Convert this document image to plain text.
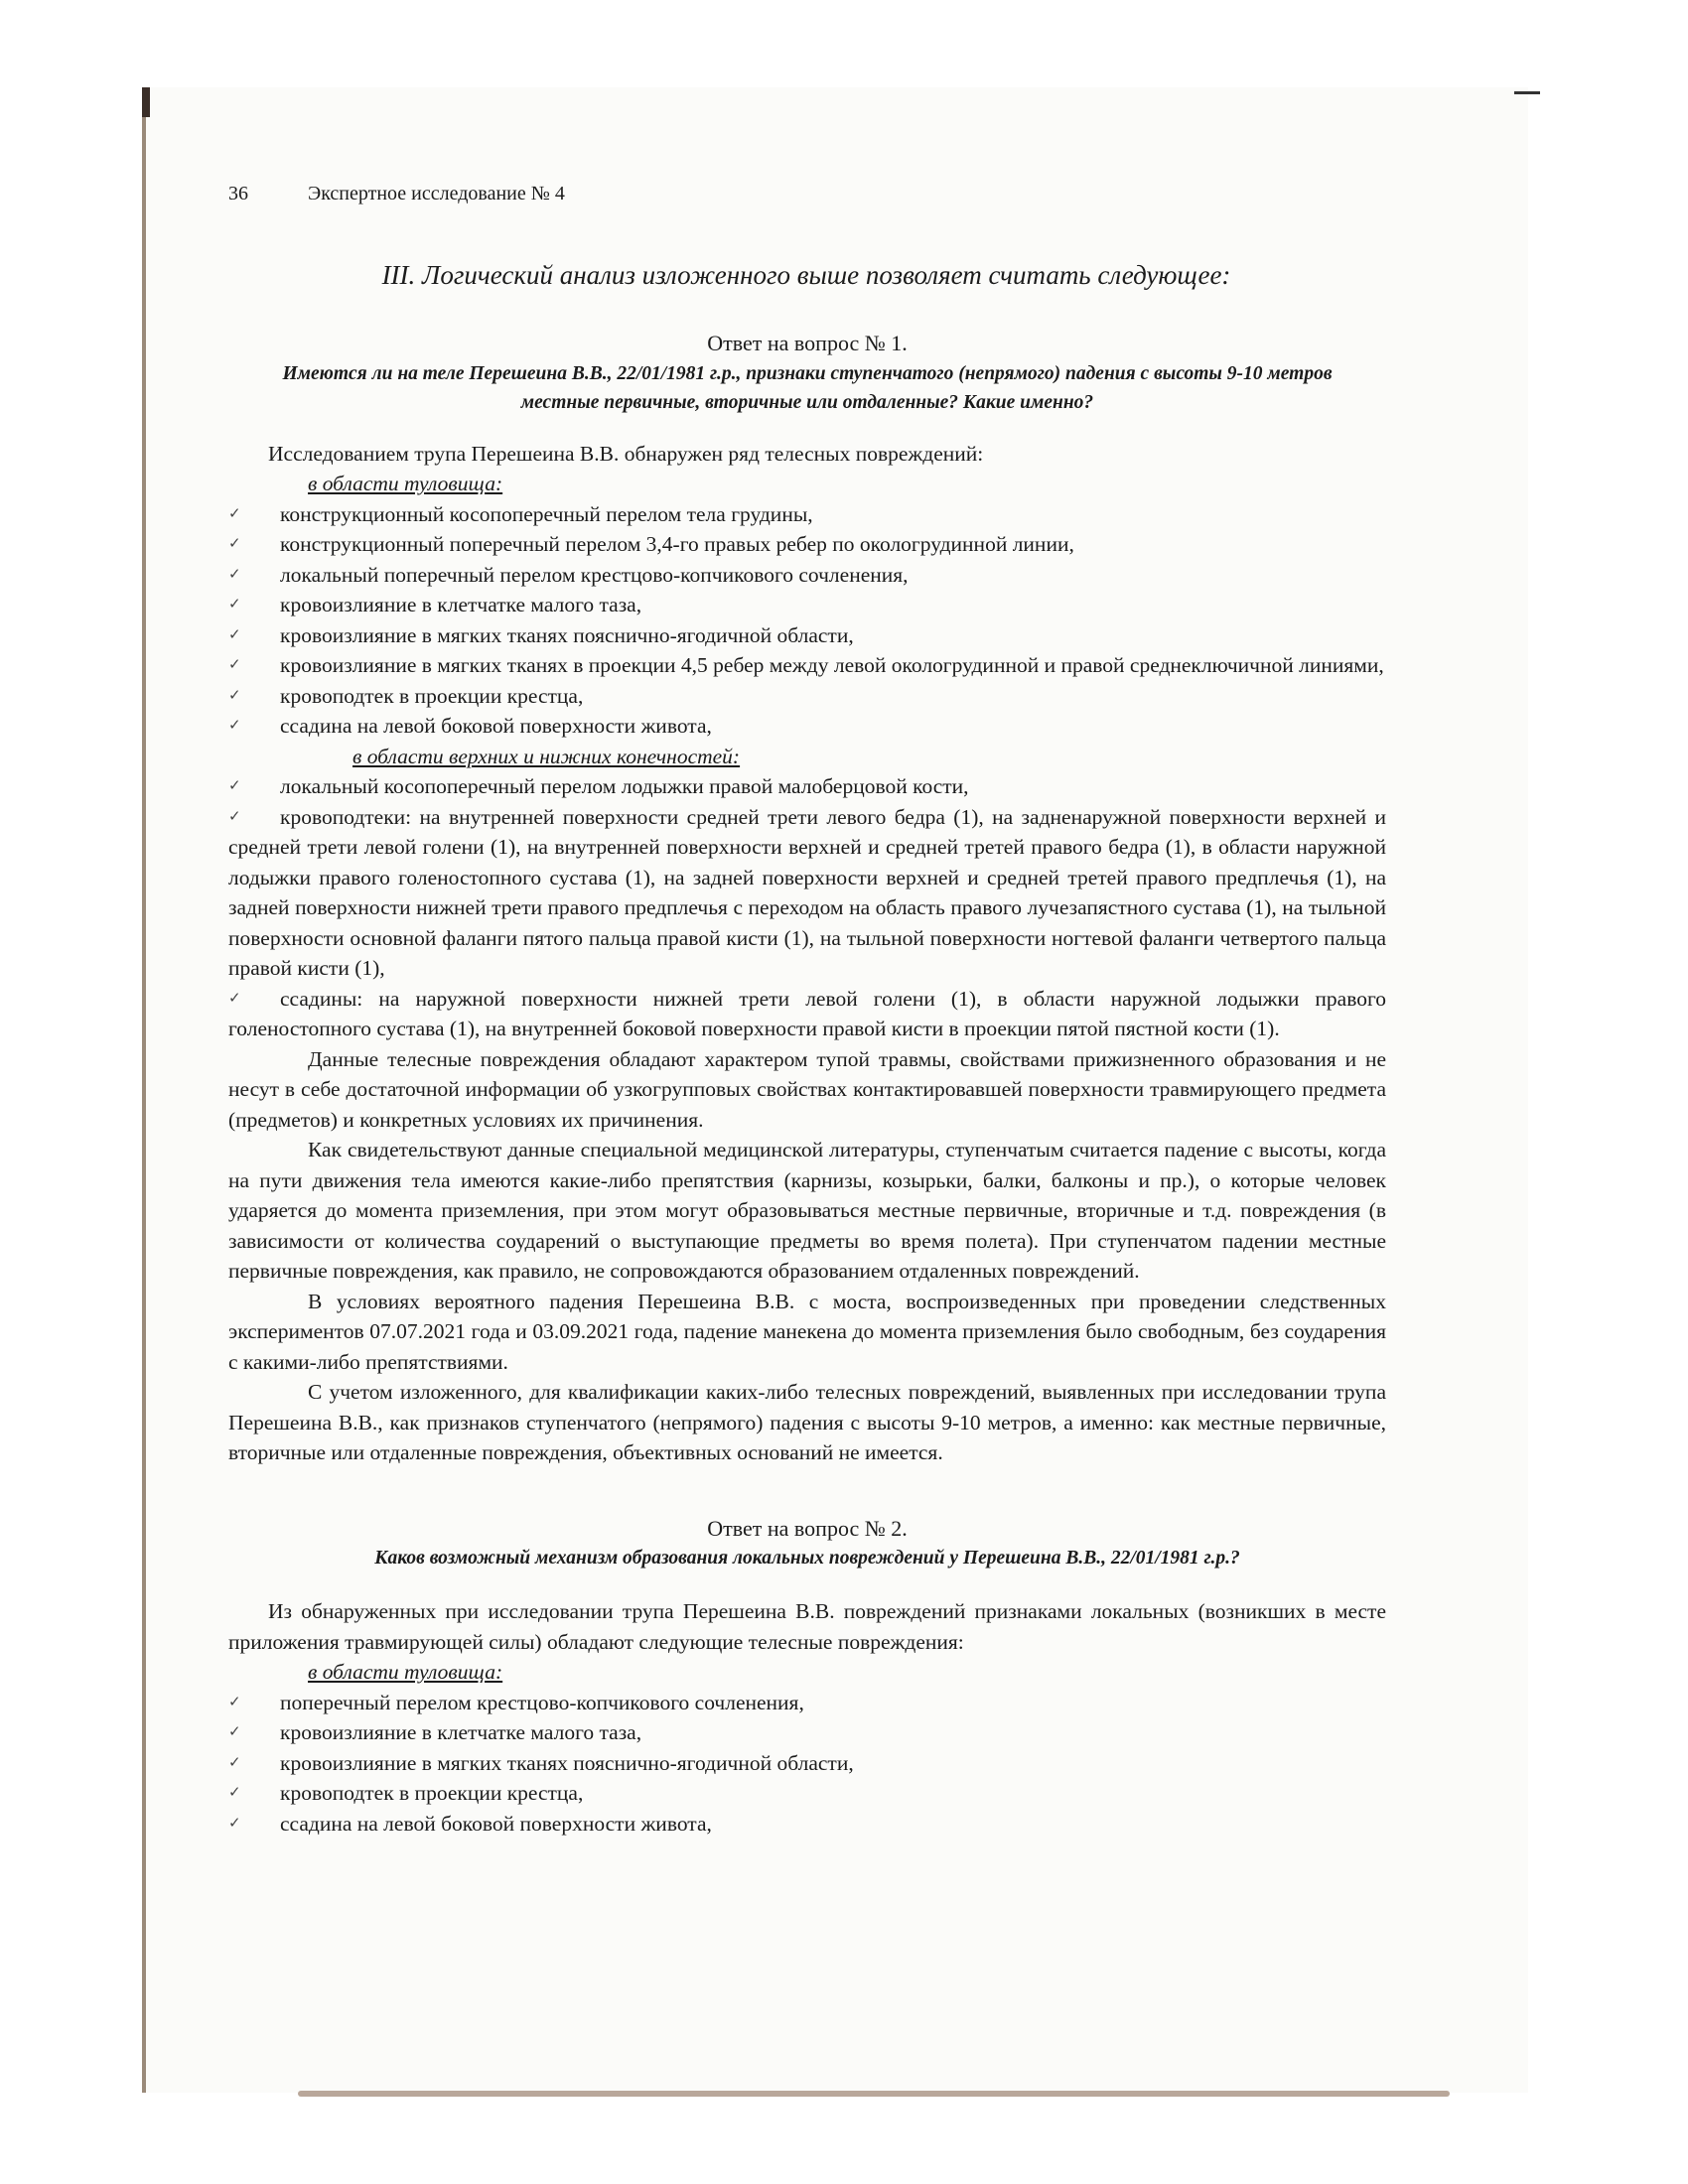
36	Экспертное исследование № 4
III. Логический анализ изложенного выше позволяет считать следующее:

Ответ на вопрос № 1.

Имеются ли на теле Перешеина В.В., 22/01/1981 г.р., признаки ступенчатого (непрямого) падения с высоты 9-10 метров местные первичные, вторичные или отдаленные? Какие именно?

Исследованием трупа Перешеина В.В. обнаружен ряд телесных повреждений:

в области туловища:

✓	конструкционный косопоперечный перелом тела грудины,
✓	конструкционный поперечный перелом 3,4-го правых ребер по окологрудинной линии,
✓	локальный поперечный перелом крестцово-копчикового сочленения,
✓	кровоизлияние в клетчатке малого таза,
✓	кровоизлияние в мягких тканях пояснично-ягодичной области,
✓	кровоизлияние в мягких тканях в проекции 4,5 ребер между левой окологрудинной и правой среднеключичной линиями,
✓	кровоподтек в проекции крестца,
✓	ссадина на левой боковой поверхности живота,

в области верхних и нижних конечностей:

✓	локальный косопоперечный перелом лодыжки правой малоберцовой кости,
✓	кровоподтеки: на внутренней поверхности средней трети левого бедра (1), на задненаружной поверхности верхней и средней трети левой голени (1), на внутренней поверхности верхней и средней третей правого бедра (1), в области наружной лодыжки правого голеностопного сустава (1), на задней поверхности верхней и средней третей правого предплечья (1), на задней поверхности нижней трети правого предплечья с переходом на область правого лучезапястного сустава (1), на тыльной поверхности основной фаланги пятого пальца правой кисти (1), на тыльной поверхности ногтевой фаланги четвертого пальца правой кисти (1),
✓	ссадины: на наружной поверхности нижней трети левой голени (1), в области наружной лодыжки правого голеностопного сустава (1), на внутренней боковой поверхности правой кисти в проекции пятой пястной кости (1).

Данные телесные повреждения обладают характером тупой травмы, свойствами прижизненного образования и не несут в себе достаточной информации об узкогрупповых свойствах контактировавшей поверхности травмирующего предмета (предметов) и конкретных условиях их причинения.

Как свидетельствуют данные специальной медицинской литературы, ступенчатым считается падение с высоты, когда на пути движения тела имеются какие-либо препятствия (карнизы, козырьки, балки, балконы и пр.), о которые человек ударяется до момента приземления, при этом могут образовываться местные первичные, вторичные и т.д. повреждения (в зависимости от количества соударений о выступающие предметы во время полета). При ступенчатом падении местные первичные повреждения, как правило, не сопровождаются образованием отдаленных повреждений.

В условиях вероятного падения Перешеина В.В. с моста, воспроизведенных при проведении следственных экспериментов 07.07.2021 года и 03.09.2021 года, падение манекена до момента приземления было свободным, без соударения с какими-либо препятствиями.

С учетом изложенного, для квалификации каких-либо телесных повреждений, выявленных при исследовании трупа Перешеина В.В., как признаков ступенчатого (непрямого) падения с высоты 9-10 метров, а именно: как местные первичные, вторичные или отдаленные повреждения, объективных оснований не имеется.

Ответ на вопрос № 2.

Каков возможный механизм образования локальных повреждений у Перешеина В.В., 22/01/1981 г.р.?

Из обнаруженных при исследовании трупа Перешеина В.В. повреждений признаками локальных (возникших в месте приложения травмирующей силы) обладают следующие телесные повреждения:

в области туловища:

✓	поперечный перелом крестцово-копчикового сочленения,
✓	кровоизлияние в клетчатке малого таза,
✓	кровоизлияние в мягких тканях пояснично-ягодичной области,
✓	кровоподтек в проекции крестца,
✓	ссадина на левой боковой поверхности живота,
